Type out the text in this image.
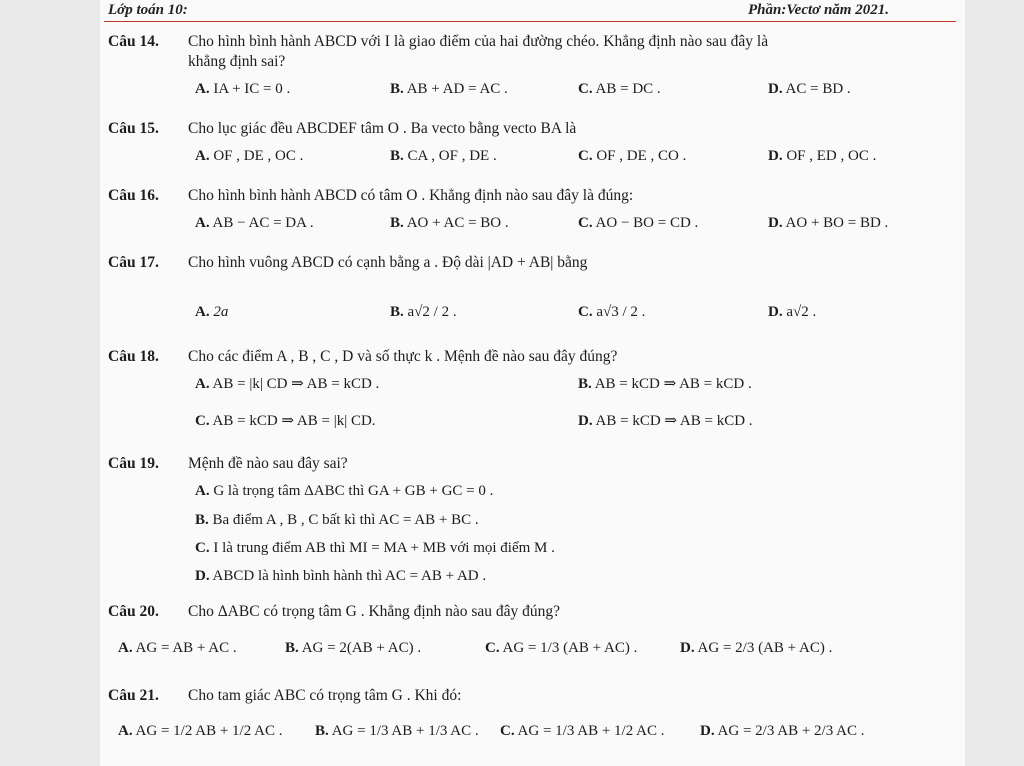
Lớp toán 10:	Phần:Vectơ năm 2021.
Câu 14. Cho hình bình hành ABCD với I là giao điểm của hai đường chéo. Khẳng định nào sau đây là
khẳng định sai?
A. IA + IC = 0 .	B. AB + AD = AC .	C. AB = DC .	D. AC = BD .
Câu 15. Cho lục giác đều ABCDEF tâm O . Ba vecto bằng vecto BA là
A. OF , DE , OC .	B. CA , OF , DE .	C. OF , DE , CO .	D. OF , ED , OC .
Câu 16. Cho hình bình hành ABCD có tâm O . Khẳng định nào sau đây là đúng:
A. AB − AC = DA .	B. AO + AC = BO .	C. AO − BO = CD .	D. AO + BO = BD .
Câu 17. Cho hình vuông ABCD có cạnh bằng a . Độ dài |AD + AB| bằng
A. 2a	B. a√2 / 2 .	C. a√3 / 2 .	D. a√2 .
Câu 18. Cho các điểm A , B , C , D và số thực k . Mệnh đề nào sau đây đúng?
A. AB = |k| CD ⇒ AB = kCD .	B. AB = kCD ⇒ AB = kCD .
C. AB = kCD ⇒ AB = |k| CD.	D. AB = kCD ⇒ AB = kCD .
Câu 19. Mệnh đề nào sau đây sai?
A. G là trọng tâm ΔABC thì GA + GB + GC = 0 .
B. Ba điểm A , B , C bất kì thì AC = AB + BC .
C. I là trung điểm AB thì MI = MA + MB với mọi điểm M .
D. ABCD là hình bình hành thì AC = AB + AD .
Câu 20. Cho ΔABC có trọng tâm G . Khẳng định nào sau đây đúng?
A. AG = AB + AC .	B. AG = 2(AB + AC) .	C. AG = 1/3 (AB + AC) .	D. AG = 2/3 (AB + AC) .
Câu 21. Cho tam giác ABC có trọng tâm G . Khi đó:
A. AG = 1/2 AB + 1/2 AC . B. AG = 1/3 AB + 1/3 AC . C. AG = 1/3 AB + 1/2 AC . D. AG = 2/3 AB + 2/3 AC .
